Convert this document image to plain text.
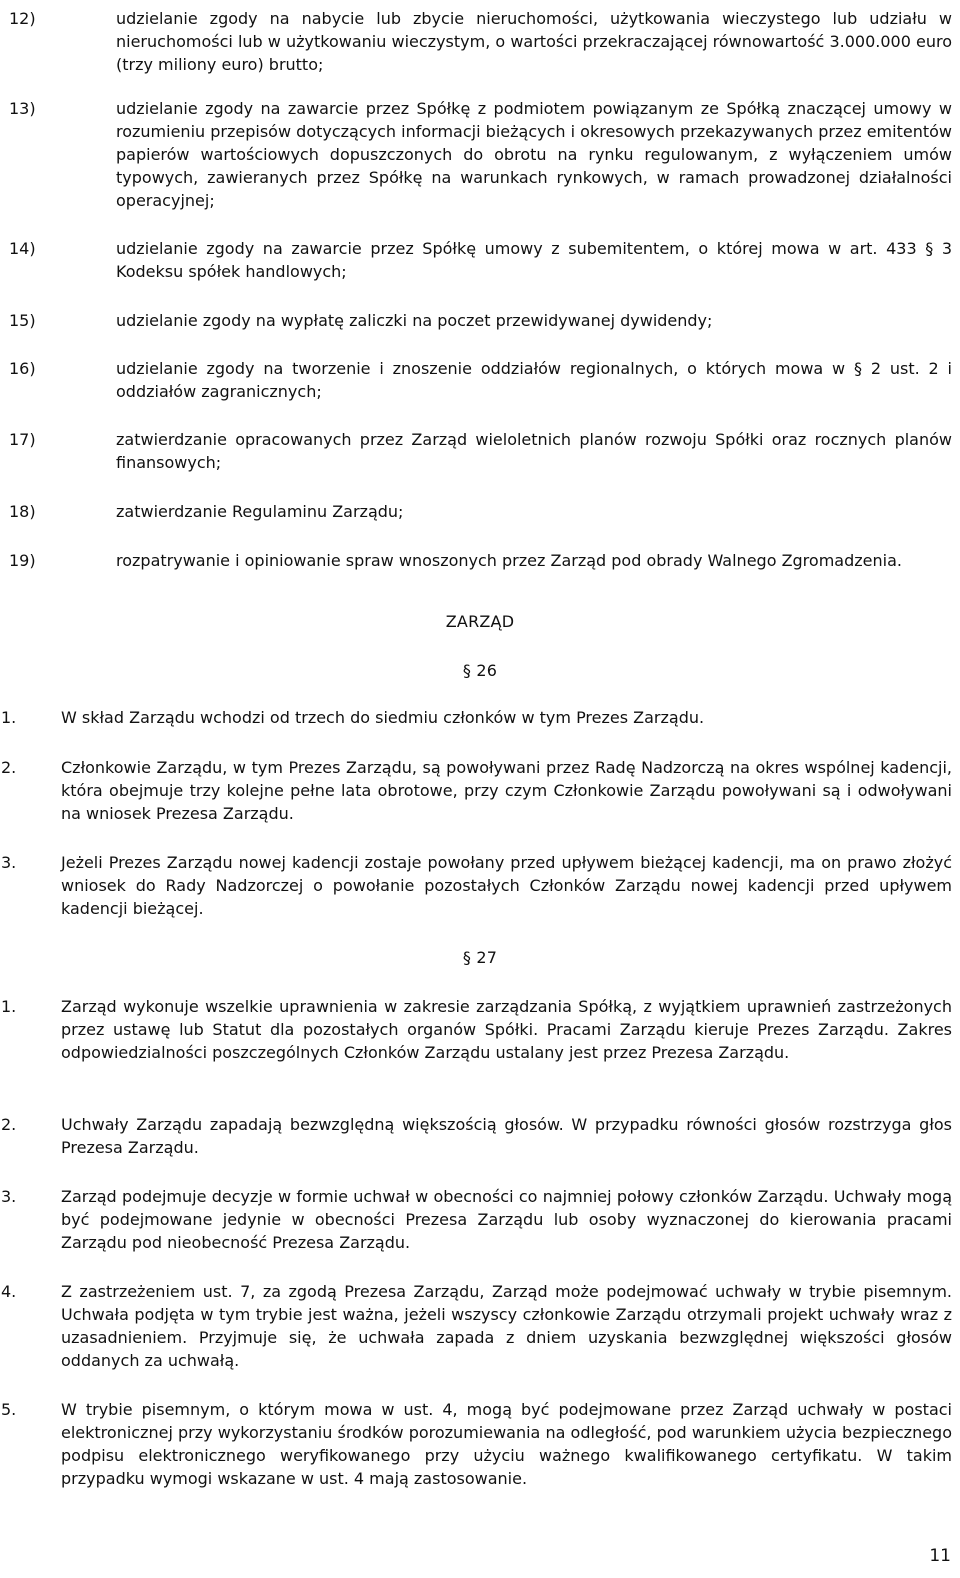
12)	udzielanie zgody na nabycie lub zbycie nieruchomości, użytkowania wieczystego lub udziału w nieruchomości lub w użytkowaniu wieczystym, o wartości przekraczającej równowartość 3.000.000 euro (trzy miliony euro) brutto;
13)	udzielanie zgody na zawarcie przez Spółkę z podmiotem powiązanym ze Spółką znaczącej umowy w rozumieniu przepisów dotyczących informacji bieżących i okresowych przekazywanych przez emitentów papierów wartościowych dopuszczonych do obrotu na rynku regulowanym, z wyłączeniem umów typowych, zawieranych przez Spółkę na warunkach rynkowych, w ramach prowadzonej działalności operacyjnej;
14)	udzielanie zgody na zawarcie przez Spółkę umowy z subemitentem, o której mowa w art. 433 § 3 Kodeksu spółek handlowych;
15)	udzielanie zgody na wypłatę zaliczki na poczet przewidywanej dywidendy;
16)	udzielanie zgody na tworzenie i znoszenie oddziałów regionalnych, o których mowa w § 2 ust. 2 i oddziałów zagranicznych;
17)	zatwierdzanie opracowanych przez Zarząd wieloletnich planów rozwoju Spółki oraz rocznych planów finansowych;
18)	zatwierdzanie Regulaminu Zarządu;
19)	rozpatrywanie i opiniowanie spraw wnoszonych przez Zarząd pod obrady Walnego Zgromadzenia.
ZARZĄD
§ 26
1.	W skład Zarządu wchodzi od trzech do siedmiu członków w tym Prezes Zarządu.
2.	Członkowie Zarządu, w tym Prezes Zarządu, są powoływani przez Radę Nadzorczą na okres wspólnej kadencji, która obejmuje trzy kolejne pełne lata obrotowe, przy czym Członkowie Zarządu powoływani są i odwoływani na wniosek Prezesa Zarządu.
3.	Jeżeli Prezes Zarządu nowej kadencji zostaje powołany przed upływem bieżącej kadencji, ma on prawo złożyć wniosek do Rady Nadzorczej o powołanie pozostałych Członków Zarządu nowej kadencji przed upływem kadencji bieżącej.
§ 27
1.	Zarząd wykonuje wszelkie uprawnienia w zakresie zarządzania Spółką, z wyjątkiem uprawnień zastrzeżonych przez ustawę lub Statut dla pozostałych organów Spółki. Pracami Zarządu kieruje Prezes Zarządu. Zakres odpowiedzialności poszczególnych Członków Zarządu ustalany jest przez Prezesa Zarządu.
2.	Uchwały Zarządu zapadają bezwzględną większością głosów. W przypadku równości głosów rozstrzyga głos Prezesa Zarządu.
3.	Zarząd podejmuje decyzje w formie uchwał w obecności co najmniej połowy członków Zarządu. Uchwały mogą być podejmowane jedynie w obecności Prezesa Zarządu lub osoby wyznaczonej do kierowania pracami Zarządu pod nieobecność Prezesa Zarządu.
4.	Z zastrzeżeniem ust. 7, za zgodą Prezesa Zarządu, Zarząd może podejmować uchwały w trybie pisemnym. Uchwała podjęta w tym trybie jest ważna, jeżeli wszyscy członkowie Zarządu otrzymali projekt uchwały wraz z uzasadnieniem. Przyjmuje się, że uchwała zapada z dniem uzyskania bezwzględnej większości głosów oddanych za uchwałą.
5.	W trybie pisemnym, o którym mowa w ust. 4, mogą być podejmowane przez Zarząd uchwały w postaci elektronicznej przy wykorzystaniu środków porozumiewania na odległość, pod warunkiem użycia bezpiecznego podpisu elektronicznego weryfikowanego przy użyciu ważnego kwalifikowanego certyfikatu. W takim przypadku wymogi wskazane w ust. 4 mają zastosowanie.
11
